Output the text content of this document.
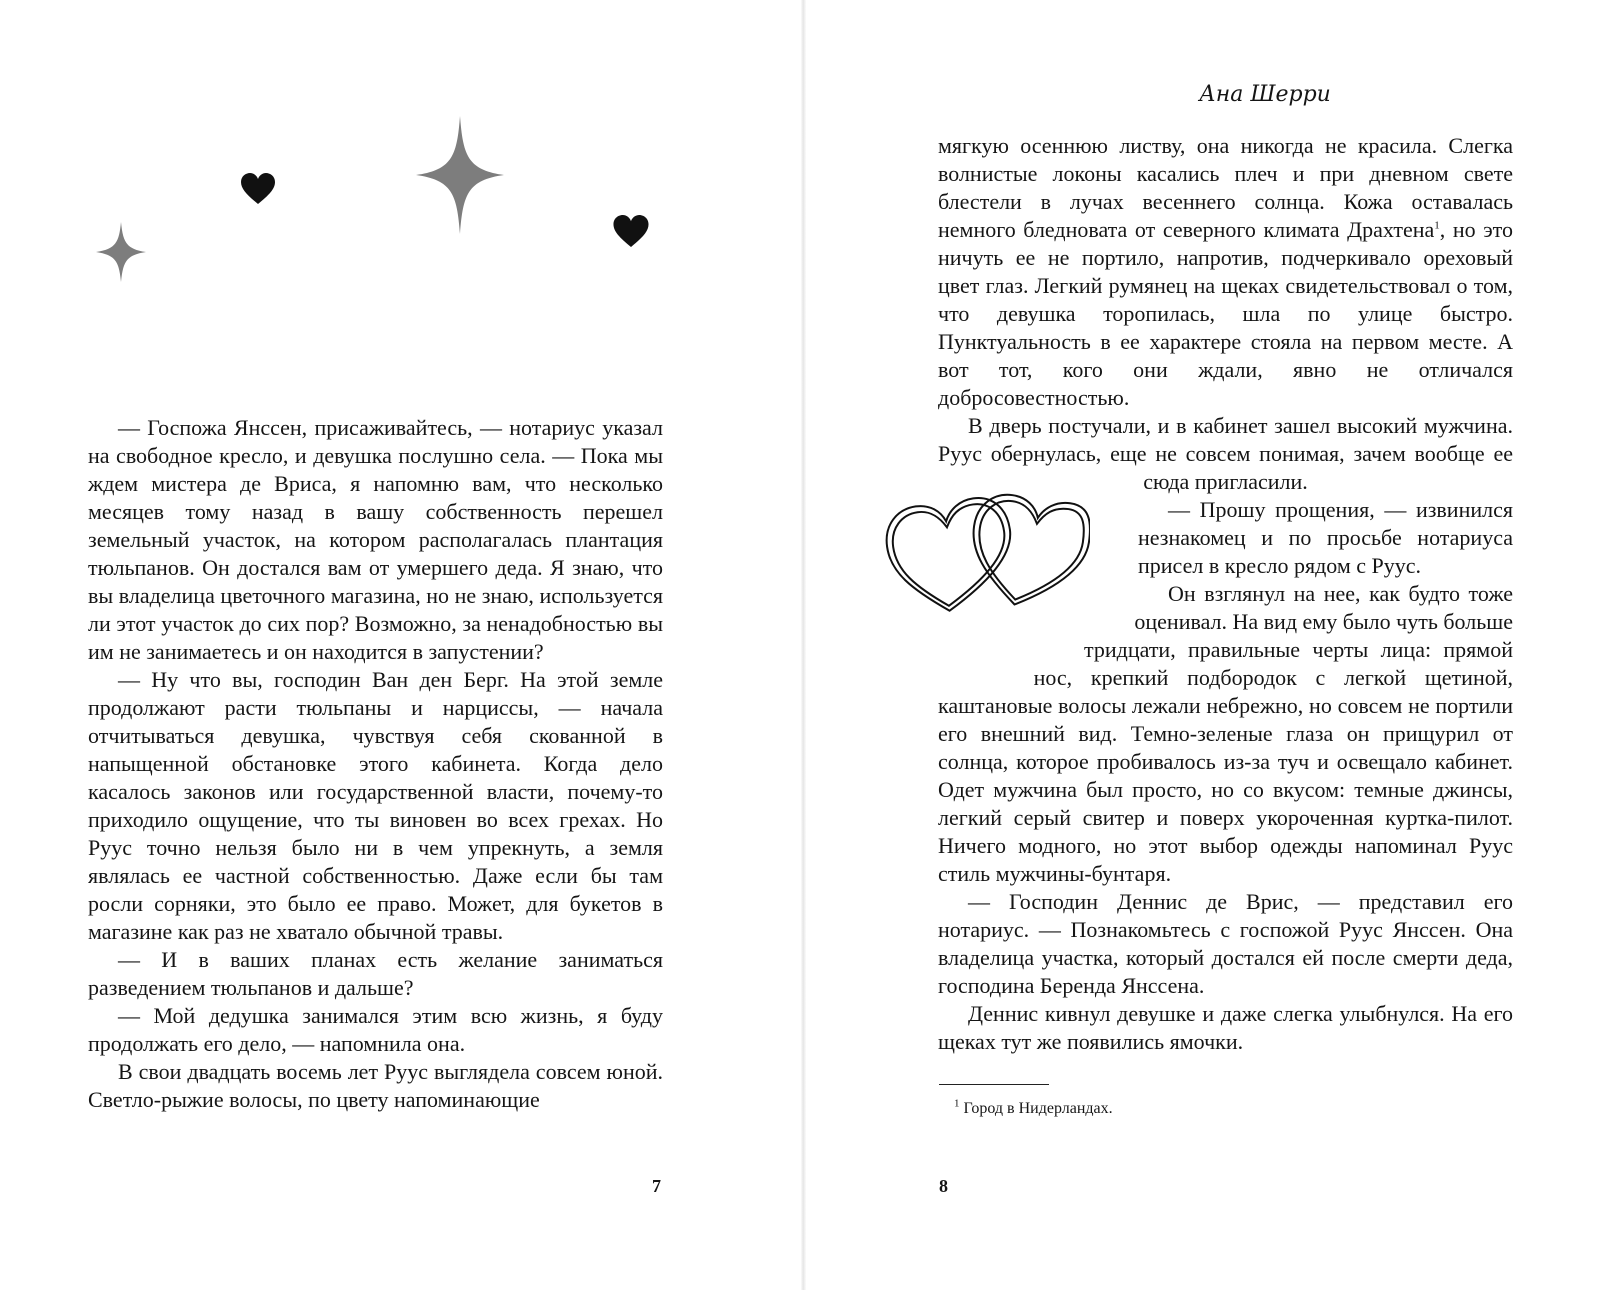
— Госпожа Янссен, присаживайтесь, — нотариус указал на свободное кресло, и девушка послушно села. — Пока мы ждем мистера де Вриса, я напомню вам, что несколько месяцев тому назад в вашу собственность перешел земельный участок, на котором располагалась плантация тюльпанов. Он достался вам от умершего деда. Я знаю, что вы владелица цветочного магазина, но не знаю, используется ли этот участок до сих пор? Возможно, за ненадобностью вы им не занимаетесь и он находится в запустении?

— Ну что вы, господин Ван ден Берг. На этой земле продолжают расти тюльпаны и нарциссы, — начала отчитываться девушка, чувствуя себя скованной в напыщенной обстановке этого кабинета. Когда дело касалось законов или государственной власти, почему-то приходило ощущение, что ты виновен во всех грехах. Но Руус точно нельзя было ни в чем упрекнуть, а земля являлась ее частной собственностью. Даже если бы там росли сорняки, это было ее право. Может, для букетов в магазине как раз не хватало обычной травы.

— И в ваших планах есть желание заниматься разведением тюльпанов и дальше?

— Мой дедушка занимался этим всю жизнь, я буду продолжать его дело, — напомнила она.

В свои двадцать восемь лет Руус выглядела совсем юной. Светло-рыжие волосы, по цвету напоминающие

7
Ана Шерри

мягкую осеннюю листву, она никогда не красила. Слегка волнистые локоны касались плеч и при дневном свете блестели в лучах весеннего солнца. Кожа оставалась немного бледновата от северного климата Драхтена$^1$, но это ничуть ее не портило, напротив, подчеркивало ореховый цвет глаз. Легкий румянец на щеках свидетельствовал о том, что девушка торопилась, шла по улице быстро. Пунктуальность в ее характере стояла на первом месте. А вот тот, кого они ждали, явно не отличался добросовестностью.

В дверь постучали, и в кабинет зашел высокий мужчина. Руус обернулась, еще не совсем понимая, зачем вообще ее сюда пригласили.

— Прошу прощения, — извинился незнакомец и по просьбе нотариуса присел в кресло рядом с Руус.

Он взглянул на нее, как будто тоже оценивал. На вид ему было чуть больше тридцати, правильные черты лица: прямой нос, крепкий подбородок с легкой щетиной, каштановые волосы лежали небрежно, но совсем не портили его внешний вид. Темно-зеленые глаза он прищурил от солнца, которое пробивалось из-за туч и освещало кабинет. Одет мужчина был просто, но со вкусом: темные джинсы, легкий серый свитер и поверх укороченная куртка-пилот. Ничего модного, но этот выбор одежды напоминал Руус стиль мужчины-бунтаря.

— Господин Деннис де Врис, — представил его нотариус. — Познакомьтесь с госпожой Руус Янссен. Она владелица участка, который достался ей после смерти деда, господина Беренда Янссена.

Деннис кивнул девушке и даже слегка улыбнулся. На его щеках тут же появились ямочки.

$^1$ Город в Нидерландах.
8
